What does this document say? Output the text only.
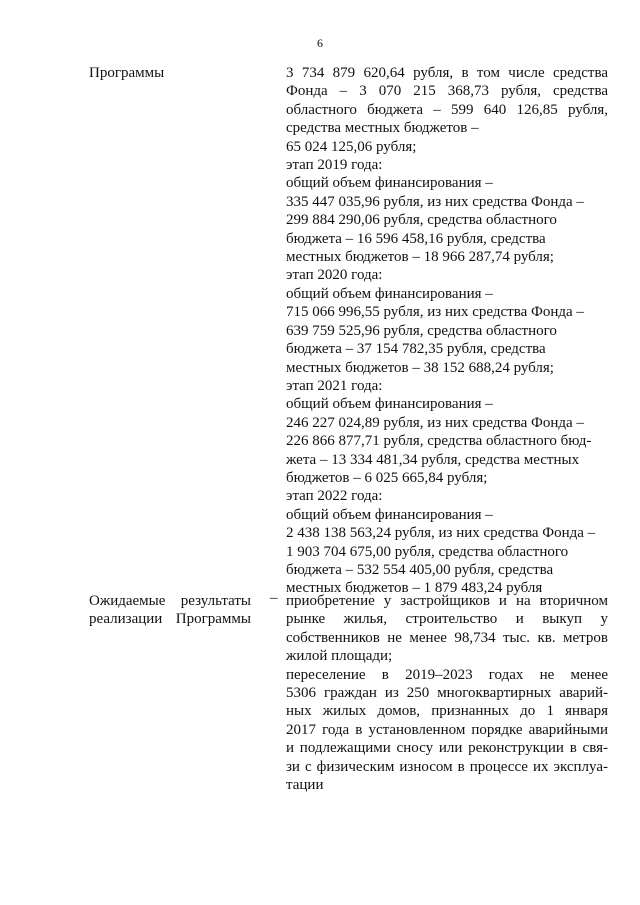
6
Программы	3 734 879 620,64 рубля, в том числе средства
Фонда – 3 070 215 368,73 рубля, средства
областного бюджета – 599 640 126,85 рубля,
средства местных бюджетов –
65 024 125,06 рубля;
этап 2019 года:
общий объем финансирования –
335 447 035,96 рубля, из них средства Фонда –
299 884 290,06 рубля, средства областного
бюджета – 16 596 458,16 рубля, средства
местных бюджетов – 18 966 287,74 рубля;
этап 2020 года:
общий объем финансирования –
715 066 996,55 рубля, из них средства Фонда –
639 759 525,96 рубля, средства областного
бюджета – 37 154 782,35 рубля, средства
местных бюджетов – 38 152 688,24 рубля;
этап 2021 года:
общий объем финансирования –
246 227 024,89 рубля, из них средства Фонда –
226 866 877,71 рубля, средства областного бюд-
жета – 13 334 481,34 рубля, средства местных
бюджетов – 6 025 665,84 рубля;
этап 2022 года:
общий объем финансирования –
2 438 138 563,24 рубля, из них средства Фонда –
1 903 704 675,00 рубля, средства областного
бюджета – 532 554 405,00 рубля, средства
местных бюджетов – 1 879 483,24 рубля
Ожидаемые результаты
реализации Программы
– приобретение у застройщиков и на вторичном
рынке жилья, строительство и выкуп у
собственников не менее 98,734 тыс. кв. метров
жилой площади;
переселение в 2019–2023 годах не менее
5306 граждан из 250 многоквартирных аварий-
ных жилых домов, признанных до 1 января
2017 года в установленном порядке аварийными
и подлежащими сносу или реконструкции в свя-
зи с физическим износом в процессе их эксплуа-
тации
